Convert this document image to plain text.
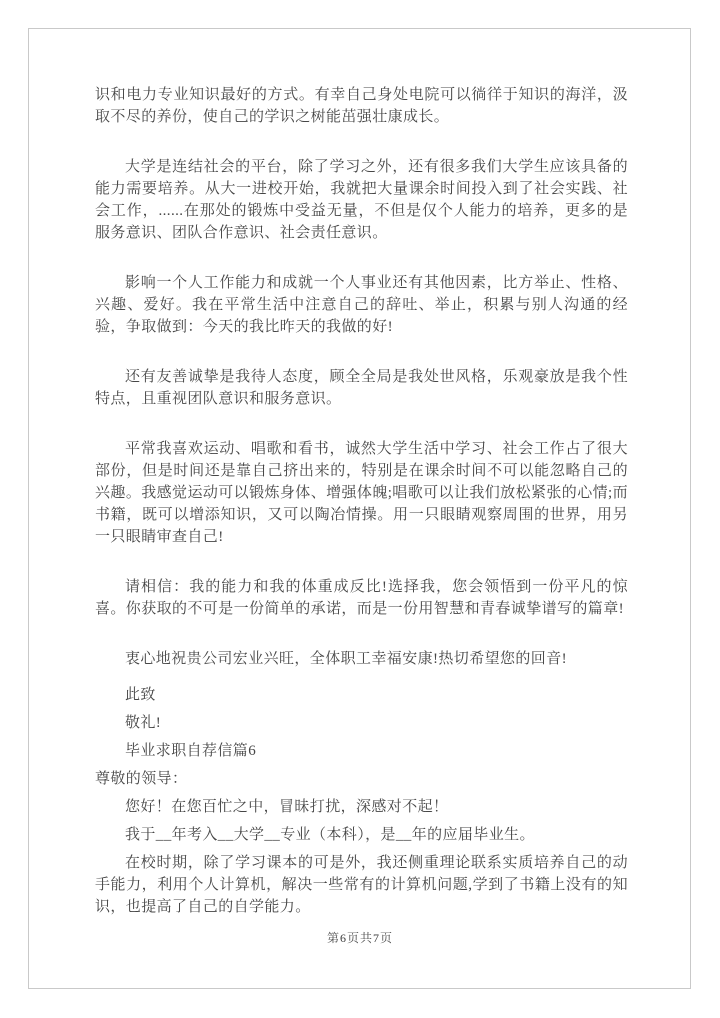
识和电力专业知识最好的方式。有幸自己身处电院可以徜徉于知识的海洋，汲取不尽的养份，使自己的学识之树能茁强壮康成长。

大学是连结社会的平台，除了学习之外，还有很多我们大学生应该具备的能力需要培养。从大一进校开始，我就把大量课余时间投入到了社会实践、社会工作，......在那处的锻炼中受益无量，不但是仅个人能力的培养，更多的是服务意识、团队合作意识、社会责任意识。

影响一个人工作能力和成就一个人事业还有其他因素，比方举止、性格、兴趣、爱好。我在平常生活中注意自己的辞吐、举止，积累与别人沟通的经验，争取做到：今天的我比昨天的我做的好!

还有友善诚挚是我待人态度，顾全全局是我处世风格，乐观豪放是我个性特点，且重视团队意识和服务意识。

平常我喜欢运动、唱歌和看书，诚然大学生活中学习、社会工作占了很大部份，但是时间还是靠自己挤出来的，特别是在课余时间不可以能忽略自己的兴趣。我感觉运动可以锻炼身体、增强体魄;唱歌可以让我们放松紧张的心情;而书籍，既可以增添知识，又可以陶冶情操。用一只眼睛观察周围的世界，用另一只眼睛审查自己!

请相信：我的能力和我的体重成反比!选择我，您会领悟到一份平凡的惊喜。你获取的不可是一份简单的承诺，而是一份用智慧和青春诚挚谱写的篇章!

衷心地祝贵公司宏业兴旺，全体职工幸福安康!热切希望您的回音!

此致

敬礼!

毕业求职自荐信篇6

尊敬的领导：

您好！在您百忙之中，冒昧打扰，深感对不起！

我于__年考入__大学__专业（本科），是__年的应届毕业生。

在校时期，除了学习课本的可是外，我还侧重理论联系实质培养自己的动手能力，利用个人计算机，解决一些常有的计算机问题,学到了书籍上没有的知识，也提高了自己的自学能力。

第6页共7页
